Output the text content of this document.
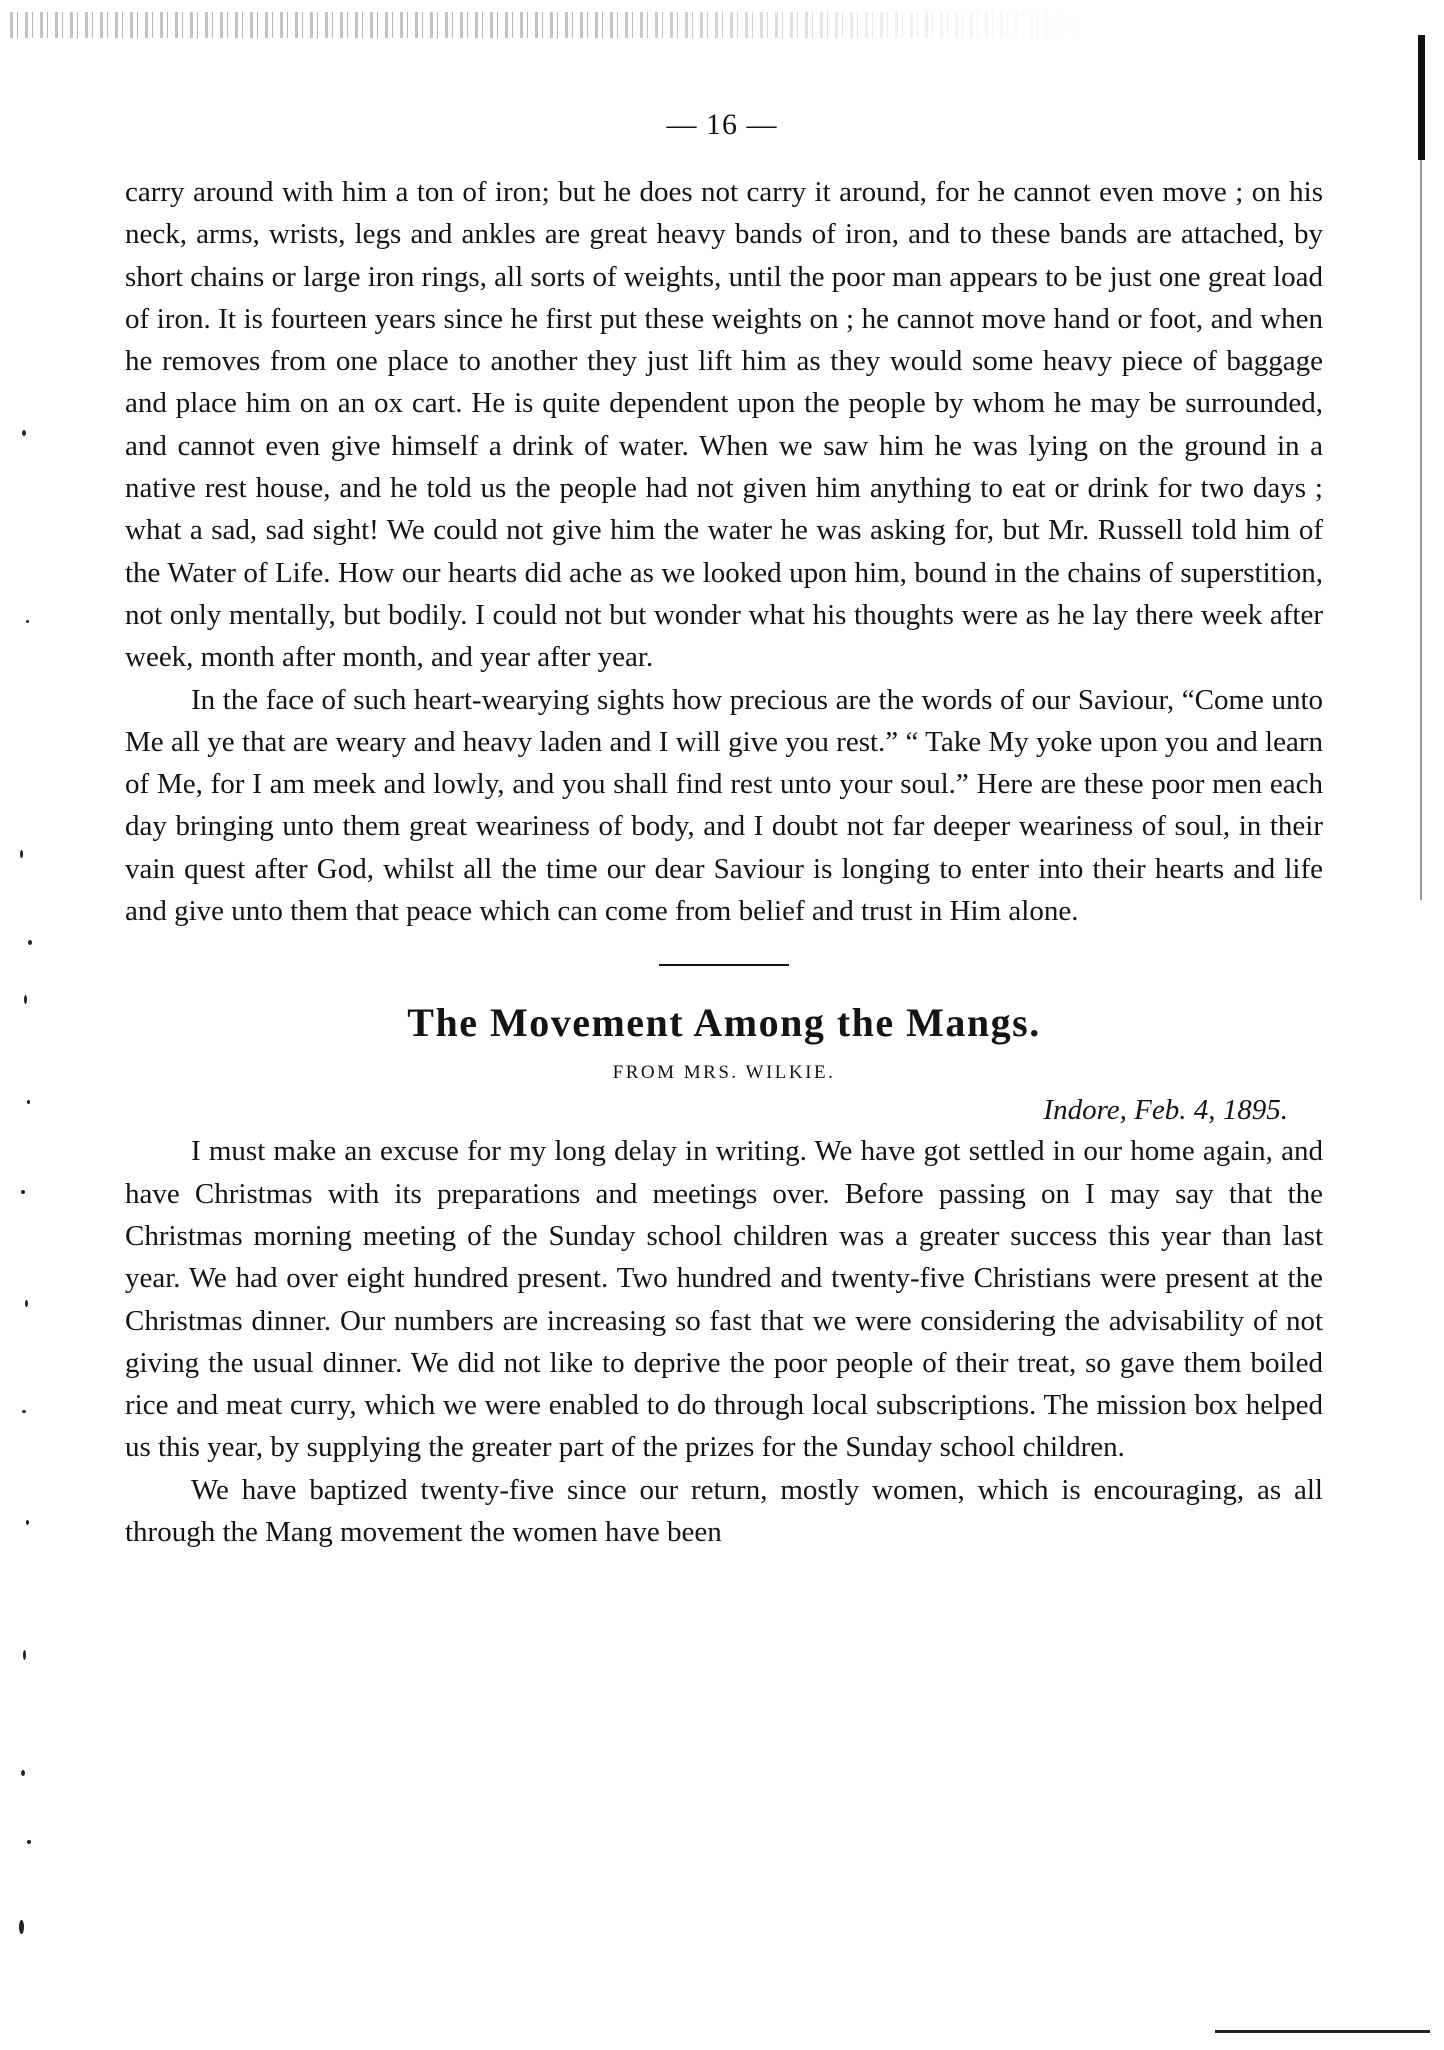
— 16 —

carry around with him a ton of iron; but he does not carry it around, for he cannot even move ; on his neck, arms, wrists, legs and ankles are great heavy bands of iron, and to these bands are attached, by short chains or large iron rings, all sorts of weights, until the poor man appears to be just one great load of iron. It is fourteen years since he first put these weights on ; he cannot move hand or foot, and when he removes from one place to another they just lift him as they would some heavy piece of baggage and place him on an ox cart. He is quite dependent upon the people by whom he may be surrounded, and cannot even give himself a drink of water. When we saw him he was lying on the ground in a native rest house, and he told us the people had not given him anything to eat or drink for two days ; what a sad, sad sight! We could not give him the water he was asking for, but Mr. Russell told him of the Water of Life. How our hearts did ache as we looked upon him, bound in the chains of superstition, not only mentally, but bodily. I could not but wonder what his thoughts were as he lay there week after week, month after month, and year after year.

In the face of such heart-wearying sights how precious are the words of our Saviour, “Come unto Me all ye that are weary and heavy laden and I will give you rest.” “ Take My yoke upon you and learn of Me, for I am meek and lowly, and you shall find rest unto your soul.” Here are these poor men each day bringing unto them great weariness of body, and I doubt not far deeper weariness of soul, in their vain quest after God, whilst all the time our dear Saviour is longing to enter into their hearts and life and give unto them that peace which can come from belief and trust in Him alone.

The Movement Among the Mangs.
FROM MRS. WILKIE.
Indore, Feb. 4, 1895.

I must make an excuse for my long delay in writing. We have got settled in our home again, and have Christmas with its preparations and meetings over. Before passing on I may say that the Christmas morning meeting of the Sunday school children was a greater success this year than last year. We had over eight hundred present. Two hundred and twenty-five Christians were present at the Christmas dinner. Our numbers are increasing so fast that we were considering the advisability of not giving the usual dinner. We did not like to deprive the poor people of their treat, so gave them boiled rice and meat curry, which we were enabled to do through local subscriptions. The mission box helped us this year, by supplying the greater part of the prizes for the Sunday school children.

We have baptized twenty-five since our return, mostly women, which is encouraging, as all through the Mang movement the women have been
